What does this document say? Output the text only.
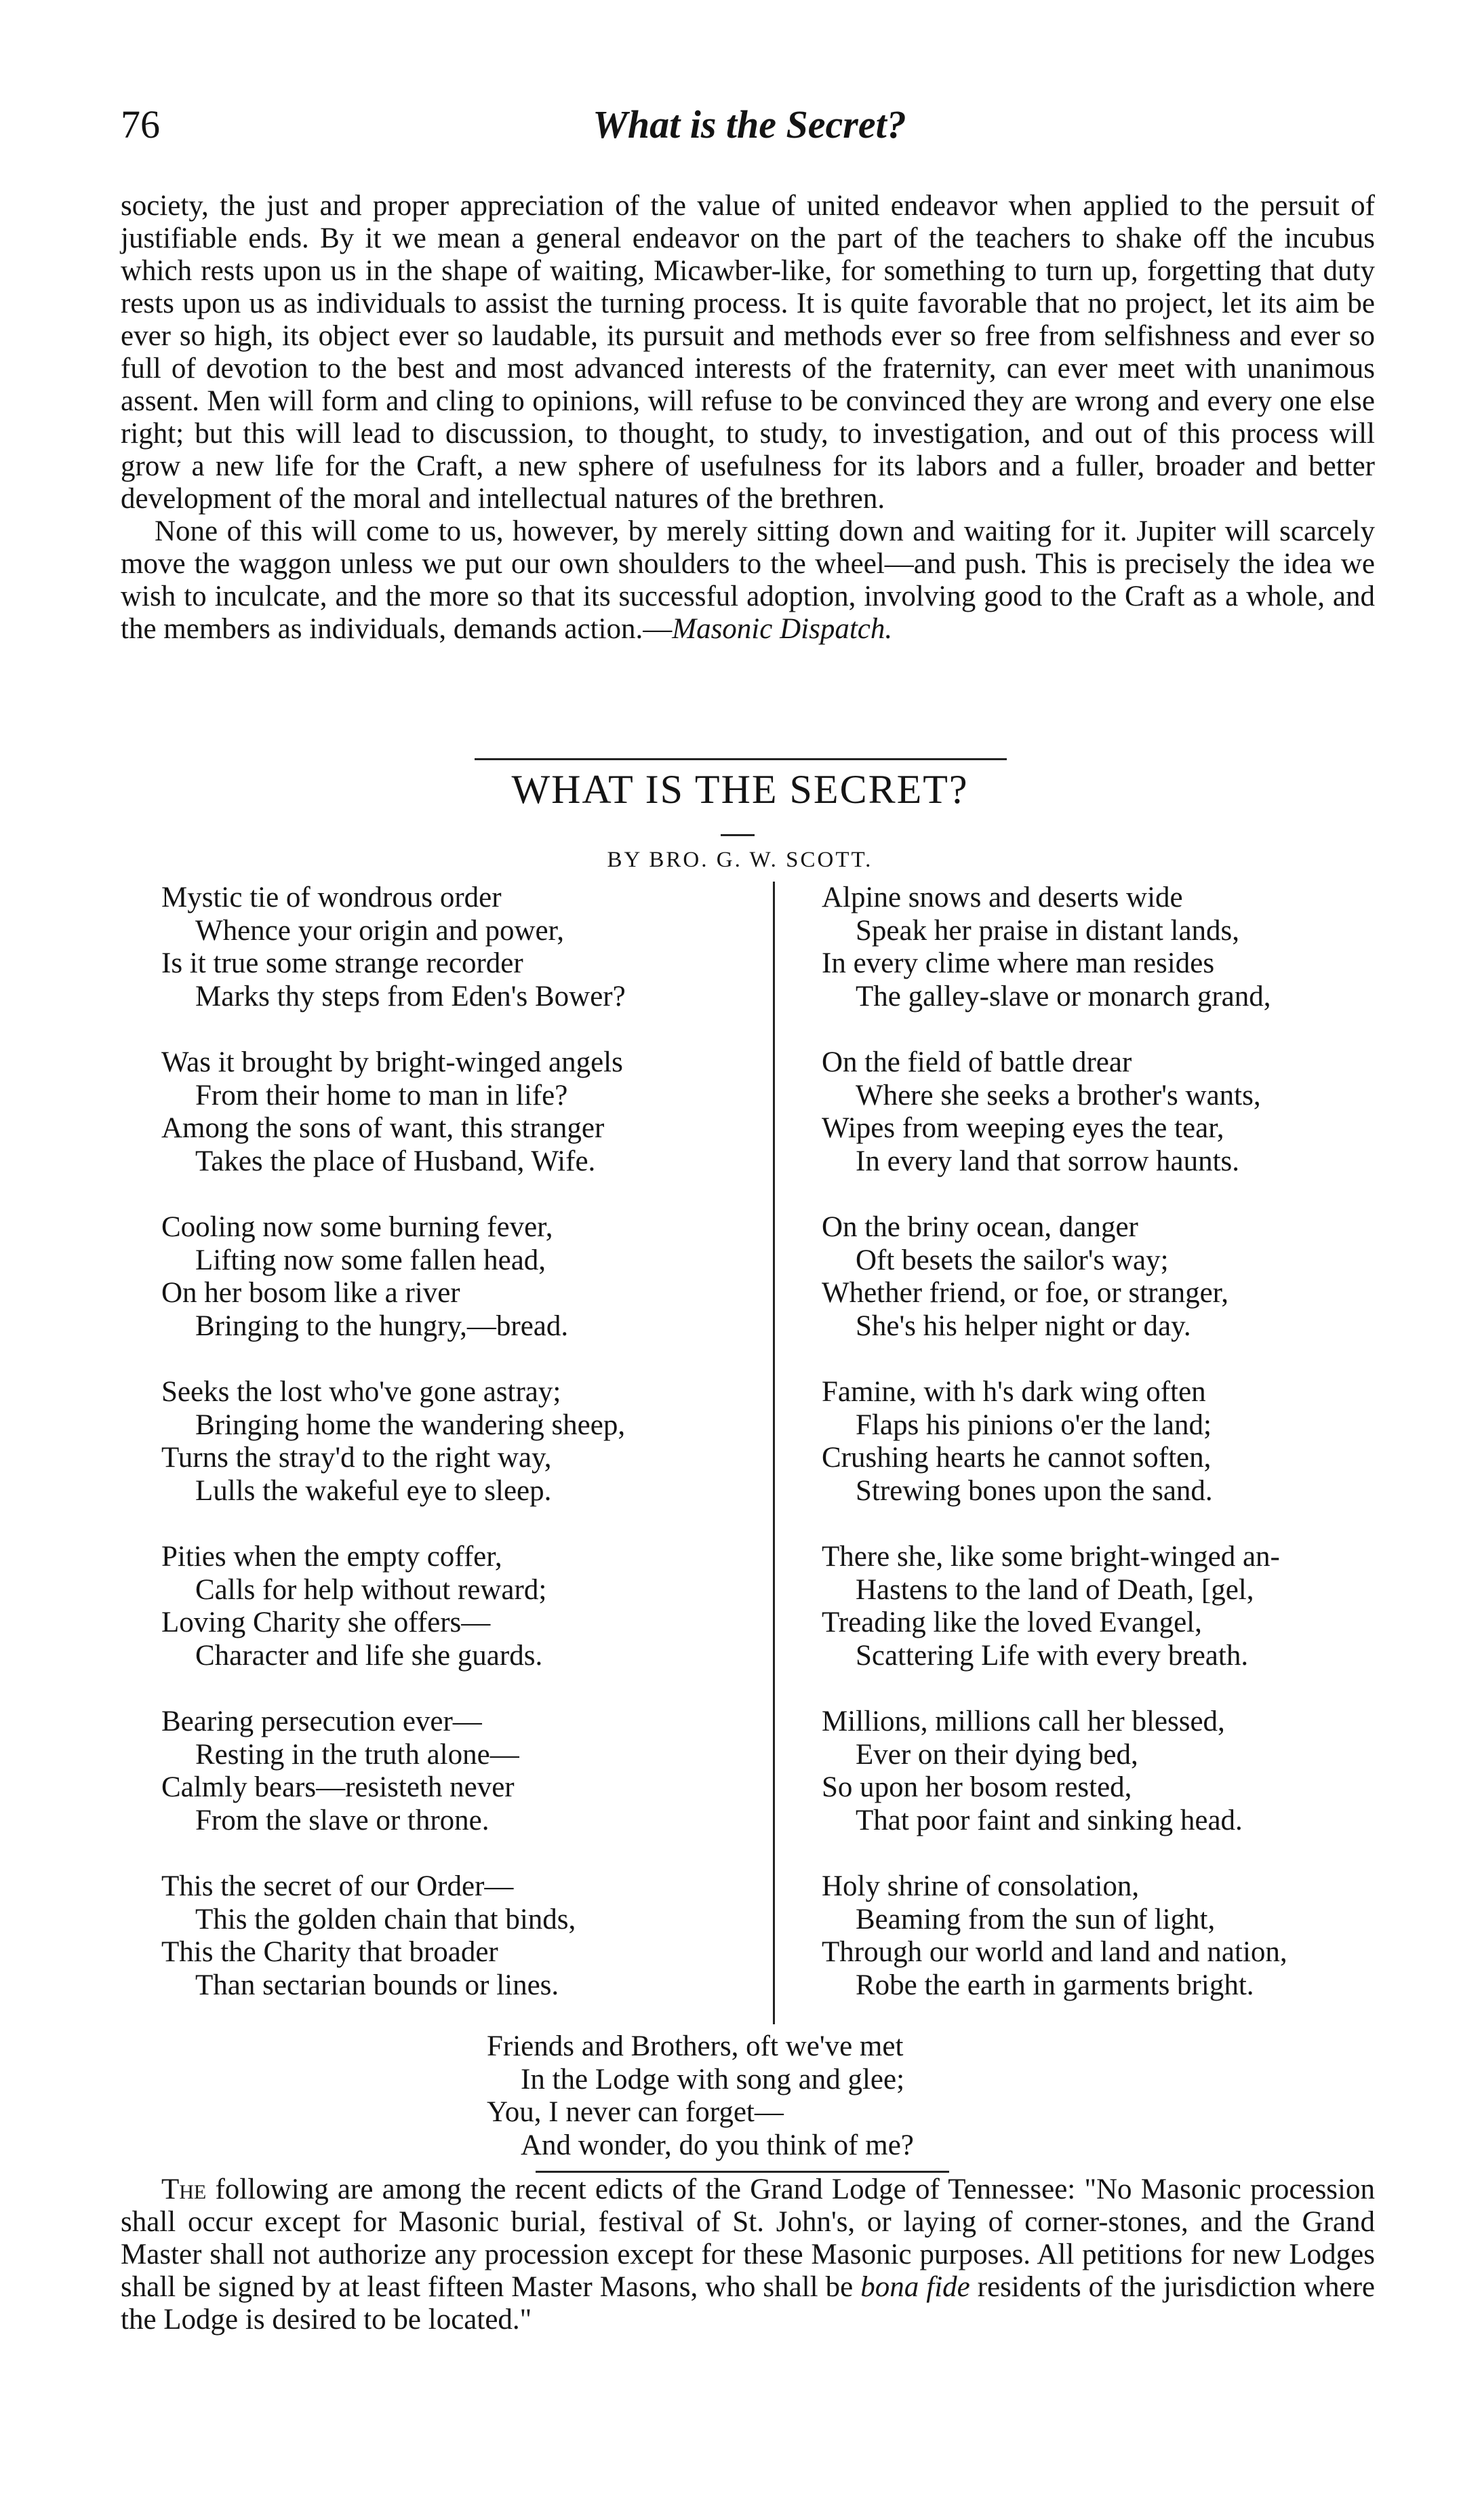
76	What is the Secret?

society, the just and proper appreciation of the value of united endeavor when applied to the persuit of justifiable ends. By it we mean a general endeavor on the part of the teachers to shake off the incubus which rests upon us in the shape of waiting, Micawber-like, for something to turn up, forgetting that duty rests upon us as individuals to assist the turning process. It is quite favorable that no project, let its aim be ever so high, its object ever so laudable, its pursuit and methods ever so free from selfishness and ever so full of devotion to the best and most advanced interests of the fraternity, can ever meet with unanimous assent. Men will form and cling to opinions, will refuse to be convinced they are wrong and every one else right; but this will lead to discussion, to thought, to study, to investigation, and out of this process will grow a new life for the Craft, a new sphere of usefulness for its labors and a fuller, broader and better development of the moral and intellectual natures of the brethren.

None of this will come to us, however, by merely sitting down and waiting for it. Jupiter will scarcely move the waggon unless we put our own shoulders to the wheel—and push. This is precisely the idea we wish to inculcate, and the more so that its successful adoption, involving good to the Craft as a whole, and the members as individuals, demands action.—Masonic Dispatch.

WHAT IS THE SECRET?
BY BRO. G. W. SCOTT.
Mystic tie of wondrous order
Whence your origin and power,
Is it true some strange recorder
Marks thy steps from Eden's Bower?
Was it brought by bright-winged angels
From their home to man in life?
Among the sons of want, this stranger
Takes the place of Husband, Wife.
Cooling now some burning fever,
Lifting now some fallen head,
On her bosom like a river
Bringing to the hungry,—bread.
Seeks the lost who've gone astray;
Bringing home the wandering sheep,
Turns the stray'd to the right way,
Lulls the wakeful eye to sleep.
Pities when the empty coffer,
Calls for help without reward;
Loving Charity she offers—
Character and life she guards.
Bearing persecution ever—
Resting in the truth alone—
Calmly bears—resisteth never
From the slave or throne.
This the secret of our Order—
This the golden chain that binds,
This the Charity that broader
Than sectarian bounds or lines.
Alpine snows and deserts wide
Speak her praise in distant lands,
In every clime where man resides
The galley-slave or monarch grand,
On the field of battle drear
Where she seeks a brother's wants,
Wipes from weeping eyes the tear,
In every land that sorrow haunts.
On the briny ocean, danger
Oft besets the sailor's way;
Whether friend, or foe, or stranger,
She's his helper night or day.
Famine, with h's dark wing often
Flaps his pinions o'er the land;
Crushing hearts he cannot soften,
Strewing bones upon the sand.
There she, like some bright-winged an-
Hastens to the land of Death, [gel,
Treading like the loved Evangel,
Scattering Life with every breath.
Millions, millions call her blessed,
Ever on their dying bed,
So upon her bosom rested,
That poor faint and sinking head.
Holy shrine of consolation,
Beaming from the sun of light,
Through our world and land and nation,
Robe the earth in garments bright.
Friends and Brothers, oft we've met
In the Lodge with song and glee;
You, I never can forget—
And wonder, do you think of me?

The following are among the recent edicts of the Grand Lodge of Tennessee: "No Masonic procession shall occur except for Masonic burial, festival of St. John's, or laying of corner-stones, and the Grand Master shall not authorize any procession except for these Masonic purposes. All petitions for new Lodges shall be signed by at least fifteen Master Masons, who shall be bona fide residents of the jurisdiction where the Lodge is desired to be located."
